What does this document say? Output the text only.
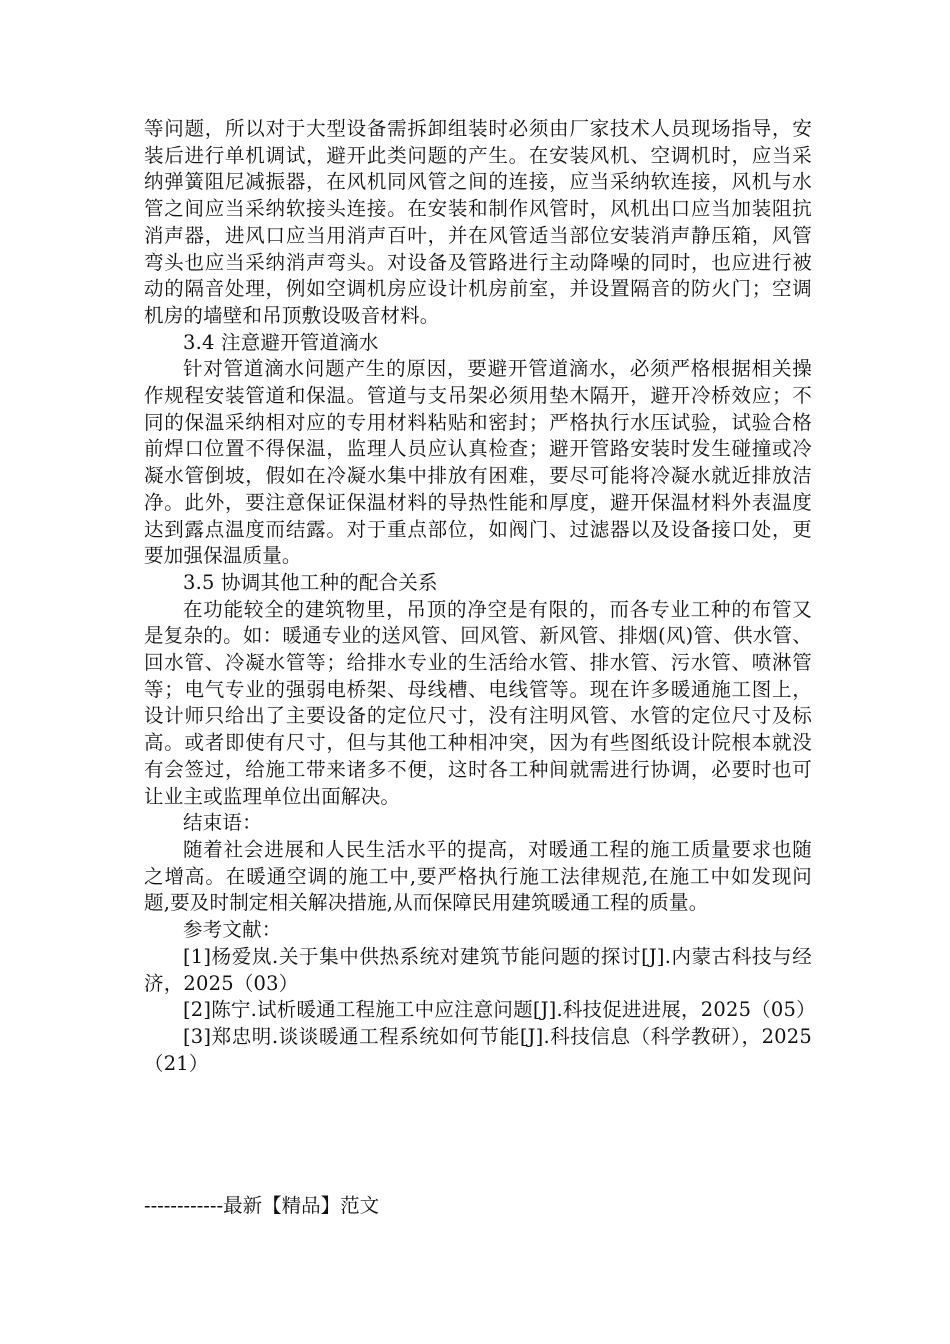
等问题，所以对于大型设备需拆卸组装时必须由厂家技术人员现场指导，安装后进行单机调试，避开此类问题的产生。在安装风机、空调机时，应当采纳弹簧阻尼减振器，在风机同风管之间的连接，应当采纳软连接，风机与水管之间应当采纳软接头连接。在安装和制作风管时，风机出口应当加装阻抗消声器，进风口应当用消声百叶，并在风管适当部位安装消声静压箱，风管弯头也应当采纳消声弯头。对设备及管路进行主动降噪的同时，也应进行被动的隔音处理，例如空调机房应设计机房前室，并设置隔音的防火门；空调机房的墙壁和吊顶敷设吸音材料。

3.4 注意避开管道滴水

针对管道滴水问题产生的原因，要避开管道滴水，必须严格根据相关操作规程安装管道和保温。管道与支吊架必须用垫木隔开，避开冷桥效应；不同的保温采纳相对应的专用材料粘贴和密封；严格执行水压试验，试验合格前焊口位置不得保温，监理人员应认真检查；避开管路安装时发生碰撞或冷凝水管倒坡，假如在冷凝水集中排放有困难，要尽可能将冷凝水就近排放洁净。此外，要注意保证保温材料的导热性能和厚度，避开保温材料外表温度达到露点温度而结露。对于重点部位，如阀门、过滤器以及设备接口处，更要加强保温质量。

3.5 协调其他工种的配合关系

在功能较全的建筑物里，吊顶的净空是有限的，而各专业工种的布管又是复杂的。如：暖通专业的送风管、回风管、新风管、排烟(风)管、供水管、回水管、冷凝水管等；给排水专业的生活给水管、排水管、污水管、喷淋管等；电气专业的强弱电桥架、母线槽、电线管等。现在许多暖通施工图上，设计师只给出了主要设备的定位尺寸，没有注明风管、水管的定位尺寸及标高。或者即使有尺寸，但与其他工种相冲突，因为有些图纸设计院根本就没有会签过，给施工带来诸多不便，这时各工种间就需进行协调，必要时也可让业主或监理单位出面解决。

结束语：

随着社会进展和人民生活水平的提高，对暖通工程的施工质量要求也随之增高。在暖通空调的施工中,要严格执行施工法律规范,在施工中如发现问题,要及时制定相关解决措施,从而保障民用建筑暖通工程的质量。

参考文献：

[1]杨爱岚.关于集中供热系统对建筑节能问题的探讨[J].内蒙古科技与经济，2025（03）

[2]陈宁.试析暖通工程施工中应注意问题[J].科技促进进展，2025（05）

[3]郑忠明.谈谈暖通工程系统如何节能[J].科技信息（科学教研），2025（21）

------------最新【精品】范文
